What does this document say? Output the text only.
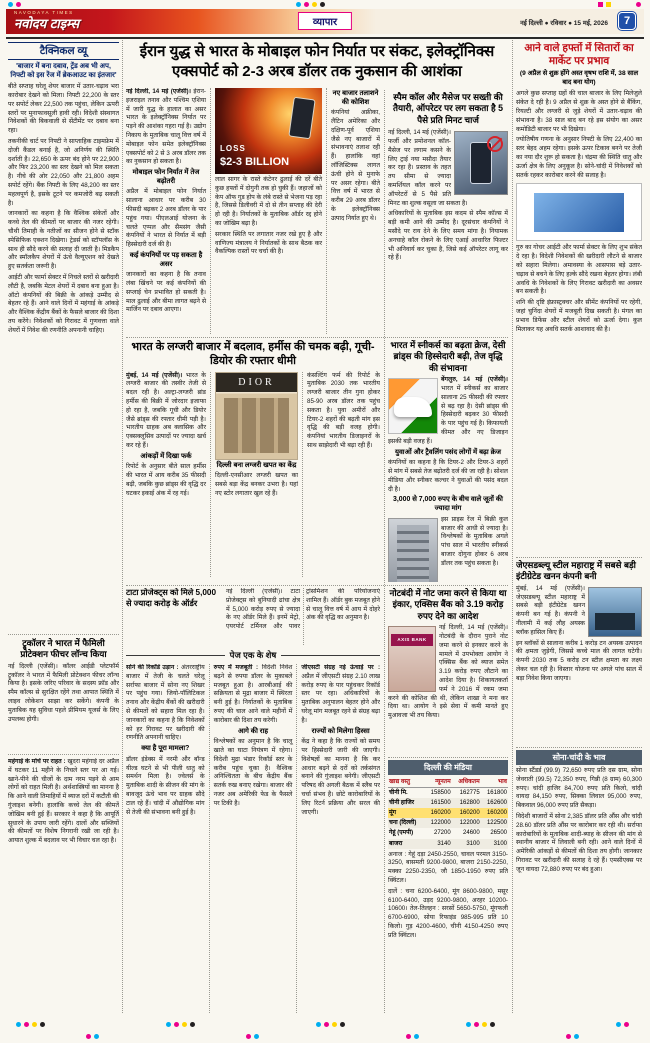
NAVODAYA TIMES
नवोदय टाइम्स	व्यापार	नई दिल्ली ● रविवार ● 15 मई, 2026	7
टैक्निकल व्यू
'बाजार में बना दबाव, ट्रेंड अब भी अप, निफ्टी को इस रेंज में ब्रेकआउट का इंतजार'

बीते सप्ताह घरेलू शेयर बाजार में उतार-चढ़ाव भरा कारोबार देखने को मिला। निफ्टी 22,200 के स्तर पर सपोर्ट लेकर 22,500 तक पहुंचा, लेकिन ऊपरी स्तरों पर मुनाफावसूली हावी रही। विदेशी संस्थागत निवेशकों की बिकवाली से सेंटीमेंट पर दबाव बना रहा।

तकनीकी चार्ट पर निफ्टी ने साप्ताहिक टाइमफ्रेम में दोजी कैंडल बनाई है, जो अनिर्णय की स्थिति दर्शाती है। 22,650 के ऊपर बंद होने पर 22,900 और फिर 23,200 का स्तर देखने को मिल सकता है। नीचे की ओर 22,050 और 21,800 अहम सपोर्ट रहेंगे। बैंक निफ्टी के लिए 48,200 का स्तर महत्वपूर्ण है, इसके टूटने पर कमजोरी बढ़ सकती है।

जानकारों का कहना है कि वैश्विक संकेतों और कच्चे तेल की कीमतों पर बाजार की नजर रहेगी। चौथी तिमाही के नतीजों का सीजन होने से स्टॉक स्पेसिफिक एक्शन दिखेगा। ट्रेडर्स को स्टॉपलॉस के साथ ही सौदे करने की सलाह दी जाती है। मिडकैप और स्मॉलकैप शेयरों में ऊंचे वैल्यूएशन को देखते हुए सतर्कता जरूरी है।

आईटी और फार्मा सेक्टर में निचले स्तरों से खरीदारी लौटी है, जबकि मेटल शेयरों में दबाव बना हुआ है। ऑटो कंपनियों की बिक्री के आंकड़े उम्मीद से बेहतर रहे हैं। आने वाले दिनों में महंगाई के आंकड़े और वैश्विक केंद्रीय बैंकों के फैसले बाजार की दिशा तय करेंगे। निवेशकों को गिरावट में गुणवत्ता वाले शेयरों में निवेश की रणनीति अपनानी चाहिए।

ट्रूकॉलर ने भारत में फैमिली प्रोटेक्शन फीचर लॉन्च किया

नई दिल्ली (एजेंसी)। कॉलर आईडी प्लेटफॉर्म ट्रूकॉलर ने भारत में फैमिली प्रोटेक्शन फीचर लॉन्च किया है। इसके जरिए परिवार के सदस्य फ्रॉड और स्पैम कॉल्स से सुरक्षित रहेंगे तथा आपात स्थिति में लाइव लोकेशन साझा कर सकेंगे। कंपनी के मुताबिक यह सुविधा पहले प्रीमियम यूजर्स के लिए उपलब्ध होगी।

महंगाई के मोर्चे पर राहत : खुदरा महंगाई दर अप्रैल में घटकर 11 महीने के निचले स्तर पर आ गई। खाने-पीने की चीजों के दाम नरम पड़ने से आम लोगों को राहत मिली है। अर्थशास्त्रियों का मानना है कि आने वाली तिमाहियों में ब्याज दरों में कटौती की गुंजाइश बनेगी। हालांकि कच्चे तेल की कीमतें जोखिम बनी हुई हैं। सरकार ने कहा है कि आपूर्ति सुधारने के उपाय जारी रहेंगे। दालों और सब्जियों की कीमतों पर विशेष निगरानी रखी जा रही है। आयात शुल्क में बदलाव पर भी विचार चल रहा है।

ईरान युद्ध से भारत के मोबाइल फोन निर्यात पर संकट, इलेक्ट्रॉनिक्स एक्सपोर्ट को 2-3 अरब डॉलर तक नुकसान की आशंका

नई दिल्ली, 14 मई (एजेंसी)। ईरान-इजराइल तनाव और पश्चिम एशिया में जारी युद्ध के हालात का असर भारत के इलेक्ट्रॉनिक्स निर्यात पर पड़ने की आशंका गहरा गई है। उद्योग निकाय के मुताबिक चालू वित्त वर्ष में मोबाइल फोन समेत इलेक्ट्रॉनिक्स एक्सपोर्ट को 2 से 3 अरब डॉलर तक का नुकसान हो सकता है।

मोबाइल फोन निर्यात में तेज बढ़ोतरी

अप्रैल में मोबाइल फोन निर्यात सालाना आधार पर करीब 30 फीसदी बढ़कर 2 अरब डॉलर के पार पहुंच गया। पीएलआई योजना के चलते एप्पल और सैमसंग जैसी कंपनियों ने भारत से निर्यात में बड़ी हिस्सेदारी दर्ज की है।

कई कंपनियों पर पड़ सकता है असर

जानकारों का कहना है कि तनाव लंबा खिंचने पर कई कंपनियों की सप्लाई चेन प्रभावित हो सकती है। माल ढुलाई और बीमा लागत बढ़ने से मार्जिन पर दबाव आएगा।

LOSS
$2-3 BILLION

लाल सागर के रास्ते कंटेनर ढुलाई की दरें बीते कुछ हफ्तों में दोगुनी तक हो चुकी हैं। जहाजों को केप ऑफ गुड होप के लंबे रास्ते से भेजना पड़ रहा है, जिससे डिलीवरी में दो से तीन सप्ताह की देरी हो रही है। निर्यातकों के मुताबिक ऑर्डर रद्द होने का जोखिम बढ़ा है।

सरकार स्थिति पर लगातार नजर रखे हुए है और वाणिज्य मंत्रालय ने निर्यातकों के साथ बैठक कर वैकल्पिक रास्तों पर चर्चा की है।

नए बाजार तलाशने की कोशिश

कंपनियां अफ्रीका, लैटिन अमेरिका और दक्षिण-पूर्व एशिया जैसे नए बाजारों में संभावनाएं तलाश रही हैं। हालांकि वहां लॉजिस्टिक्स लागत ऊंची होने से मुनाफे पर असर रहेगा। बीते वित्त वर्ष में भारत से करीब 29 अरब डॉलर के इलेक्ट्रॉनिक्स उत्पाद निर्यात हुए थे।

स्पैम कॉल और मैसेज पर सख्ती की तैयारी, ऑपरेटर पर लग सकता है 5 पैसे प्रति मिनट चार्ज

नई दिल्ली, 14 मई (एजेंसी)। फर्जी और प्रमोशनल कॉल-मैसेज पर लगाम कसने के लिए ट्राई नया मसौदा तैयार कर रहा है। प्रस्ताव के तहत तय सीमा से ज्यादा कमर्शियल कॉल करने पर ऑपरेटरों से 5 पैसे प्रति मिनट का शुल्क वसूला जा सकता है।

अधिकारियों के मुताबिक इस कदम से स्पैम कॉल्स में बड़ी कमी आने की उम्मीद है। दूरसंचार कंपनियों ने मसौदे पर राय देने के लिए समय मांगा है। नियामक अनचाहे कॉल रोकने के लिए एआई आधारित फिल्टर भी अनिवार्य कर चुका है, जिसे कई ऑपरेटर लागू कर रहे हैं।

भारत के लग्जरी बाजार में बदलाव, हर्मीस की चमक बढ़ी, गूची-डियोर की रफ्तार धीमी

मुंबई, 14 मई (एजेंसी)। भारत के लग्जरी बाजार की तस्वीर तेजी से बदल रही है। अल्ट्रा-लग्जरी ब्रांड हर्मीस की बिक्री में जोरदार इजाफा हो रहा है, जबकि गूची और डियोर जैसे ब्रांड्स की रफ्तार धीमी पड़ी है। भारतीय ग्राहक अब क्लासिक और एक्सक्लूसिव उत्पादों पर ज्यादा खर्च कर रहे हैं।

आंकड़ों में दिखा फर्क

रिपोर्ट के अनुसार बीते साल हर्मीस की भारत में आय करीब 35 फीसदी बढ़ी, जबकि कुछ ब्रांड्स की वृद्धि दर घटकर इकाई अंक में रह गई।

DIOR
दिल्ली बना लग्जरी खपत का केंद्र

दिल्ली-एनसीआर लग्जरी खपत का सबसे बड़ा केंद्र बनकर उभरा है। यहां नए स्टोर लगातार खुल रहे हैं।

कंसल्टिंग फर्म की रिपोर्ट के मुताबिक 2030 तक भारतीय लग्जरी बाजार तीन गुना होकर 85-90 अरब डॉलर तक पहुंच सकता है। युवा अमीरों और टियर-2 शहरों की बढ़ती मांग इस वृद्धि की बड़ी वजह होगी। कंपनियां भारतीय डिजाइनरों के साथ साझेदारी भी बढ़ा रही हैं।

भारत में स्नीकर्स का बढ़ता क्रेज, देसी ब्रांड्स की हिस्सेदारी बढ़ी, तेज वृद्धि की संभावना

बेंगलुरु, 14 मई (एजेंसी)। भारत में स्नीकर्स का बाजार सालाना 25 फीसदी की रफ्तार से बढ़ रहा है। देसी ब्रांड्स की हिस्सेदारी बढ़कर 30 फीसदी के पार पहुंच गई है। किफायती कीमत और नए डिजाइन इसकी बड़ी वजह हैं।

युवाओं और ट्रैवलिंग पसंद लोगों में बढ़ा क्रेज

कंपनियों का कहना है कि टियर-2 और टियर-3 शहरों से मांग में सबसे तेज बढ़ोतरी दर्ज की जा रही है। सोशल मीडिया और स्नीकर कल्चर ने युवाओं की पसंद बदल दी है।

3,000 से 7,000 रुपए के बीच वाले जूतों की ज्यादा मांग

इस प्राइस रेंज में बिक्री कुल बाजार की आधी से ज्यादा है। विश्लेषकों के मुताबिक अगले पांच साल में भारतीय स्नीकर्स बाजार दोगुना होकर 6 अरब डॉलर तक पहुंच सकता है।

टाटा प्रोजेक्ट्स को मिले 5,000 से ज्यादा करोड़ के ऑर्डर

नई दिल्ली (एजेंसी)। टाटा प्रोजेक्ट्स को बुनियादी ढांचा क्षेत्र में 5,000 करोड़ रुपए से ज्यादा के नए ऑर्डर मिले हैं। इनमें मेट्रो, एयरपोर्ट टर्मिनल और पावर ट्रांसमिशन की परियोजनाएं शामिल हैं। ऑर्डर बुक मजबूत होने से चालू वित्त वर्ष में आय में दोहरे अंक की वृद्धि का अनुमान है।

पेज एक के शेष

सोने की रिकॉर्ड उड़ान : अंतरराष्ट्रीय बाजार में तेजी के चलते घरेलू सर्राफा बाजार में सोना नए शिखर पर पहुंच गया। जियो-पॉलिटिकल तनाव और केंद्रीय बैंकों की खरीदारी से कीमतों को सहारा मिल रहा है। जानकारों का कहना है कि निवेशकों को हर गिरावट पर खरीदारी की रणनीति अपनानी चाहिए।

क्या है पूरा मामला?

डॉलर इंडेक्स में नरमी और बॉन्ड यील्ड घटने से भी पीली धातु को समर्थन मिला है। ज्वेलर्स के मुताबिक शादी के सीजन की मांग के बावजूद ऊंचे भाव पर ग्राहक सौदे टाल रहे हैं। चांदी में औद्योगिक मांग से तेजी की संभावना बनी हुई है।

रुपए में मजबूती : विदेशी निवेश बढ़ने से रुपया डॉलर के मुकाबले मजबूत हुआ है। आरबीआई की सक्रियता से मुद्रा बाजार में स्थिरता बनी हुई है। निर्यातकों के मुताबिक रुपए की चाल आने वाले महीनों में कारोबार की दिशा तय करेगी।

आगे की राह

विश्लेषकों का अनुमान है कि चालू खाते का घाटा नियंत्रण में रहेगा। विदेशी मुद्रा भंडार रिकॉर्ड स्तर के करीब पहुंच चुका है। वैश्विक अनिश्चितता के बीच केंद्रीय बैंक सतर्क रुख बनाए रखेगा। बाजार की नजर अब अमेरिकी फेड के फैसले पर टिकी है।

जीएसटी संग्रह नई ऊंचाई पर : अप्रैल में जीएसटी संग्रह 2.10 लाख करोड़ रुपए के पार पहुंचकर रिकॉर्ड स्तर पर रहा। अधिकारियों के मुताबिक अनुपालन बेहतर होने और घरेलू मांग मजबूत रहने से संग्रह बढ़ा है।

राज्यों को मिलेगा हिस्सा

केंद्र ने कहा है कि राज्यों को समय पर हिस्सेदारी जारी की जाएगी। विशेषज्ञों का मानना है कि कर आधार बढ़ने से दरों को तर्कसंगत बनाने की गुंजाइश बनेगी। जीएसटी परिषद की अगली बैठक में स्लैब पर चर्चा संभव है। छोटे कारोबारियों के लिए रिटर्न प्रक्रिया और सरल की जाएगी।

नोटबंदी में नोट जमा करने से किया था इंकार, एक्सिस बैंक को 3.19 करोड़ रुपए देने का आदेश
AXIS BANK

नई दिल्ली, 14 मई (एजेंसी)। नोटबंदी के दौरान पुराने नोट जमा करने से इनकार करने के मामले में उपभोक्ता आयोग ने एक्सिस बैंक को ब्याज समेत 3.19 करोड़ रुपए लौटाने का आदेश दिया है। शिकायतकर्ता फर्म ने 2016 में रकम जमा करने की कोशिश की थी, लेकिन शाखा ने मना कर दिया था। आयोग ने इसे सेवा में कमी मानते हुए मुआवजा भी तय किया।

दिल्ली की मंडिया
खाद्य वस्तु	न्यूनतम	अधिकतम	भाव
चीनी मि.	158500	162775	161800
चीनी हाजिर	161500	162800	162600
मूंग	160200	160200	160200
चना (दिल्ली)	122000	122000	122500
गेहूं (एमपी)	27200	24600	26500
बाजरा	3140	3100	3100

अनाज : गेहूं दड़ा 2450-2550, चावल परमल 3150-3250, बासमती 9200-9800, बाजरा 2150-2250, मक्का 2250-2350, जौ 1850-1950 रुपए प्रति क्विंटल।

दालें : चना 6200-6400, मूंग 8600-9800, मसूर 6100-6400, उड़द 9200-9800, अरहर 10200-10600। तेल-तिलहन : सरसों 5650-5750, मूंगफली 6700-6900, सोया रिफाइंड 985-995 प्रति 10 किलो। गुड़ 4200-4600, चीनी 4150-4250 रुपए प्रति क्विंटल।

आने वाले हफ्तों में सितारों का मार्केट पर प्रभाव
(9 अप्रैल से शुक्र होंगे अस्त वृषभ राशि में, 38 साल बाद बना योग)

अगले कुछ सप्ताह ग्रहों की चाल बाजार के लिए मिलेजुले संकेत दे रही है। 9 अप्रैल से शुक्र के अस्त होने से बैंकिंग, रियल्टी और लग्जरी से जुड़े शेयरों में उतार-चढ़ाव की संभावना है। 38 साल बाद बन रहे इस संयोग का असर कमोडिटी बाजार पर भी दिखेगा।

ज्योतिषीय गणना के अनुसार निफ्टी के लिए 22,400 का स्तर बेहद अहम रहेगा। इसके ऊपर टिकाव बनने पर तेजी का नया दौर शुरू हो सकता है। चंद्रमा की स्थिति धातु और ऊर्जा क्षेत्र के लिए अनुकूल है। सोने-चांदी में निवेशकों को सतर्क रहकर कारोबार करने की सलाह है।

गुरु का गोचर आईटी और फार्मा सेक्टर के लिए शुभ संकेत दे रहा है। विदेशी निवेशकों की खरीदारी लौटने से बाजार को सहारा मिलेगा। अमावस्या के आसपास बड़े उतार-चढ़ाव से बचने के लिए हल्के सौदे रखना बेहतर होगा। लंबी अवधि के निवेशकों के लिए गिरावट खरीदारी का अवसर बन सकती है।

शनि की दृष्टि इंफ्रास्ट्रक्चर और सीमेंट कंपनियों पर रहेगी, जहां चुनिंदा शेयरों में मजबूती दिख सकती है। मंगल का प्रभाव डिफेंस और स्टील शेयरों को ऊर्जा देगा। कुल मिलाकर यह अवधि सतर्क आशावाद की है।

जेएसडब्ल्यू स्टील महाराष्ट्र में सबसे बड़ी इंटीग्रेटेड खनन कंपनी बनी

मुंबई, 14 मई (एजेंसी)। जेएसडब्ल्यू स्टील महाराष्ट्र में सबसे बड़ी इंटीग्रेटेड खनन कंपनी बन गई है। कंपनी ने नीलामी में कई लौह अयस्क ब्लॉक हासिल किए हैं।

इन ब्लॉकों से सालाना करीब 1 करोड़ टन अयस्क उत्पादन की क्षमता जुड़ेगी, जिससे कच्चे माल की लागत घटेगी। कंपनी 2030 तक 5 करोड़ टन स्टील क्षमता का लक्ष्य लेकर चल रही है। विस्तार योजना पर अगले पांच साल में बड़ा निवेश किया जाएगा।

सोना-चांदी के भाव

सोना स्टैंडर्ड (99.9) 72,650 रुपए प्रति दस ग्राम, सोना जेवराती (99.5) 72,350 रुपए, गिन्नी (8 ग्राम) 60,300 रुपए। चांदी हाजिर 84,700 रुपए प्रति किलो, चांदी वायदा 84,150 रुपए, सिक्का लिवाल 95,000 रुपए, बिकवाल 96,000 रुपए प्रति सैकड़ा।

विदेशी बाजारों में सोना 2,385 डॉलर प्रति औंस और चांदी 28.60 डॉलर प्रति औंस पर कारोबार कर रही थी। सर्राफा कारोबारियों के मुताबिक शादी-ब्याह के सीजन की मांग से स्थानीय बाजार में लिवाली बनी रही। आने वाले दिनों में अमेरिकी आंकड़ों से कीमतों की दिशा तय होगी। जानकार गिरावट पर खरीदारी की सलाह दे रहे हैं। एमसीएक्स पर जून वायदा 72,880 रुपए पर बंद हुआ।
